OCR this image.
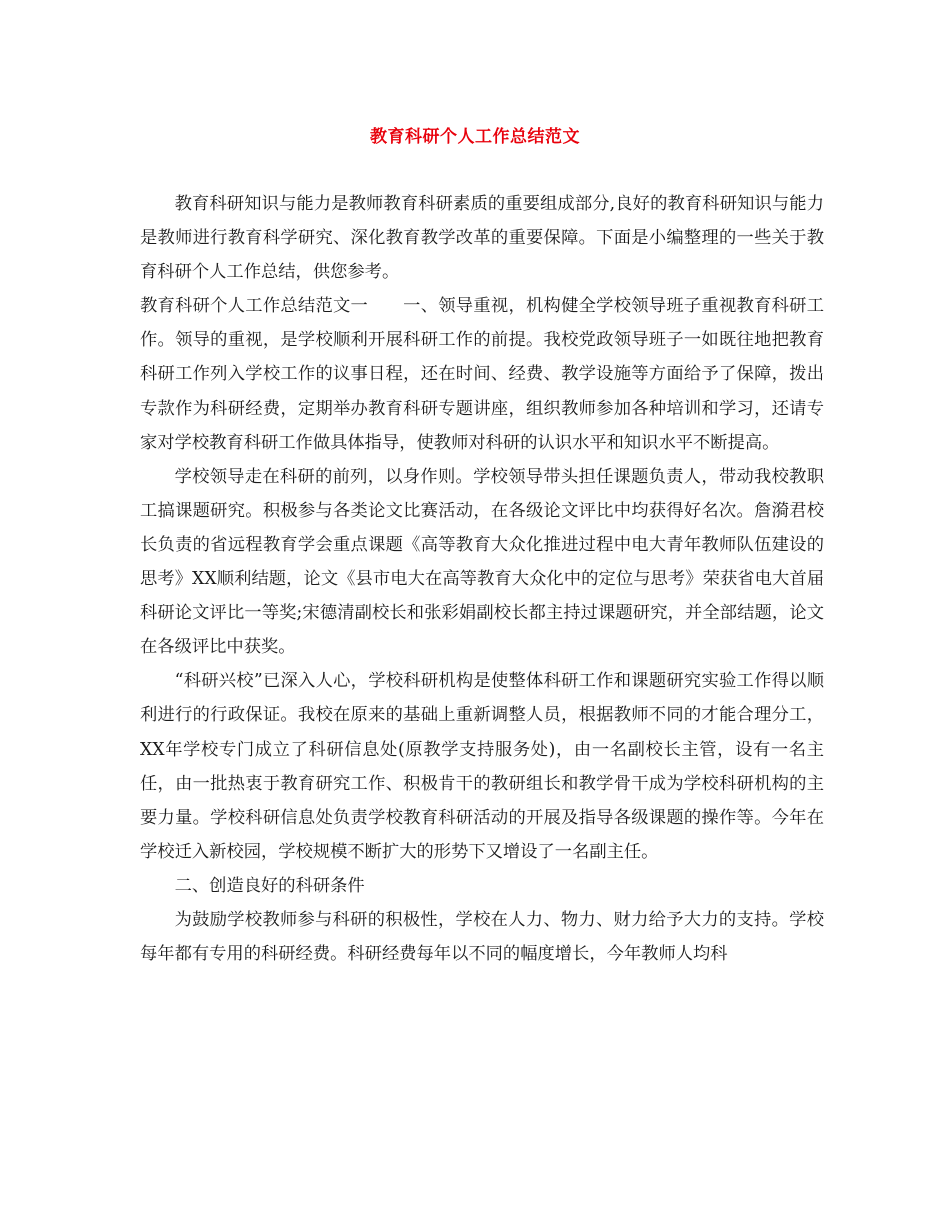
教育科研个人工作总结范文

教育科研知识与能力是教师教育科研素质的重要组成部分,良好的教育科研知识与能力是教师进行教育科学研究、深化教育教学改革的重要保障。下面是小编整理的一些关于教育科研个人工作总结，供您参考。

教育科研个人工作总结范文一　　一、领导重视，机构健全学校领导班子重视教育科研工作。领导的重视，是学校顺利开展科研工作的前提。我校党政领导班子一如既往地把教育科研工作列入学校工作的议事日程，还在时间、经费、教学设施等方面给予了保障，拨出专款作为科研经费，定期举办教育科研专题讲座，组织教师参加各种培训和学习，还请专家对学校教育科研工作做具体指导，使教师对科研的认识水平和知识水平不断提高。

学校领导走在科研的前列，以身作则。学校领导带头担任课题负责人，带动我校教职工搞课题研究。积极参与各类论文比赛活动，在各级论文评比中均获得好名次。詹漪君校长负责的省远程教育学会重点课题《高等教育大众化推进过程中电大青年教师队伍建设的思考》XX顺利结题，论文《县市电大在高等教育大众化中的定位与思考》荣获省电大首届科研论文评比一等奖;宋德清副校长和张彩娟副校长都主持过课题研究，并全部结题，论文在各级评比中获奖。

“科研兴校”已深入人心，学校科研机构是使整体科研工作和课题研究实验工作得以顺利进行的行政保证。我校在原来的基础上重新调整人员，根据教师不同的才能合理分工，XX年学校专门成立了科研信息处(原教学支持服务处)，由一名副校长主管，设有一名主任，由一批热衷于教育研究工作、积极肯干的教研组长和教学骨干成为学校科研机构的主要力量。学校科研信息处负责学校教育科研活动的开展及指导各级课题的操作等。今年在学校迁入新校园，学校规模不断扩大的形势下又增设了一名副主任。

二、创造良好的科研条件

为鼓励学校教师参与科研的积极性，学校在人力、物力、财力给予大力的支持。学校每年都有专用的科研经费。科研经费每年以不同的幅度增长，今年教师人均科
